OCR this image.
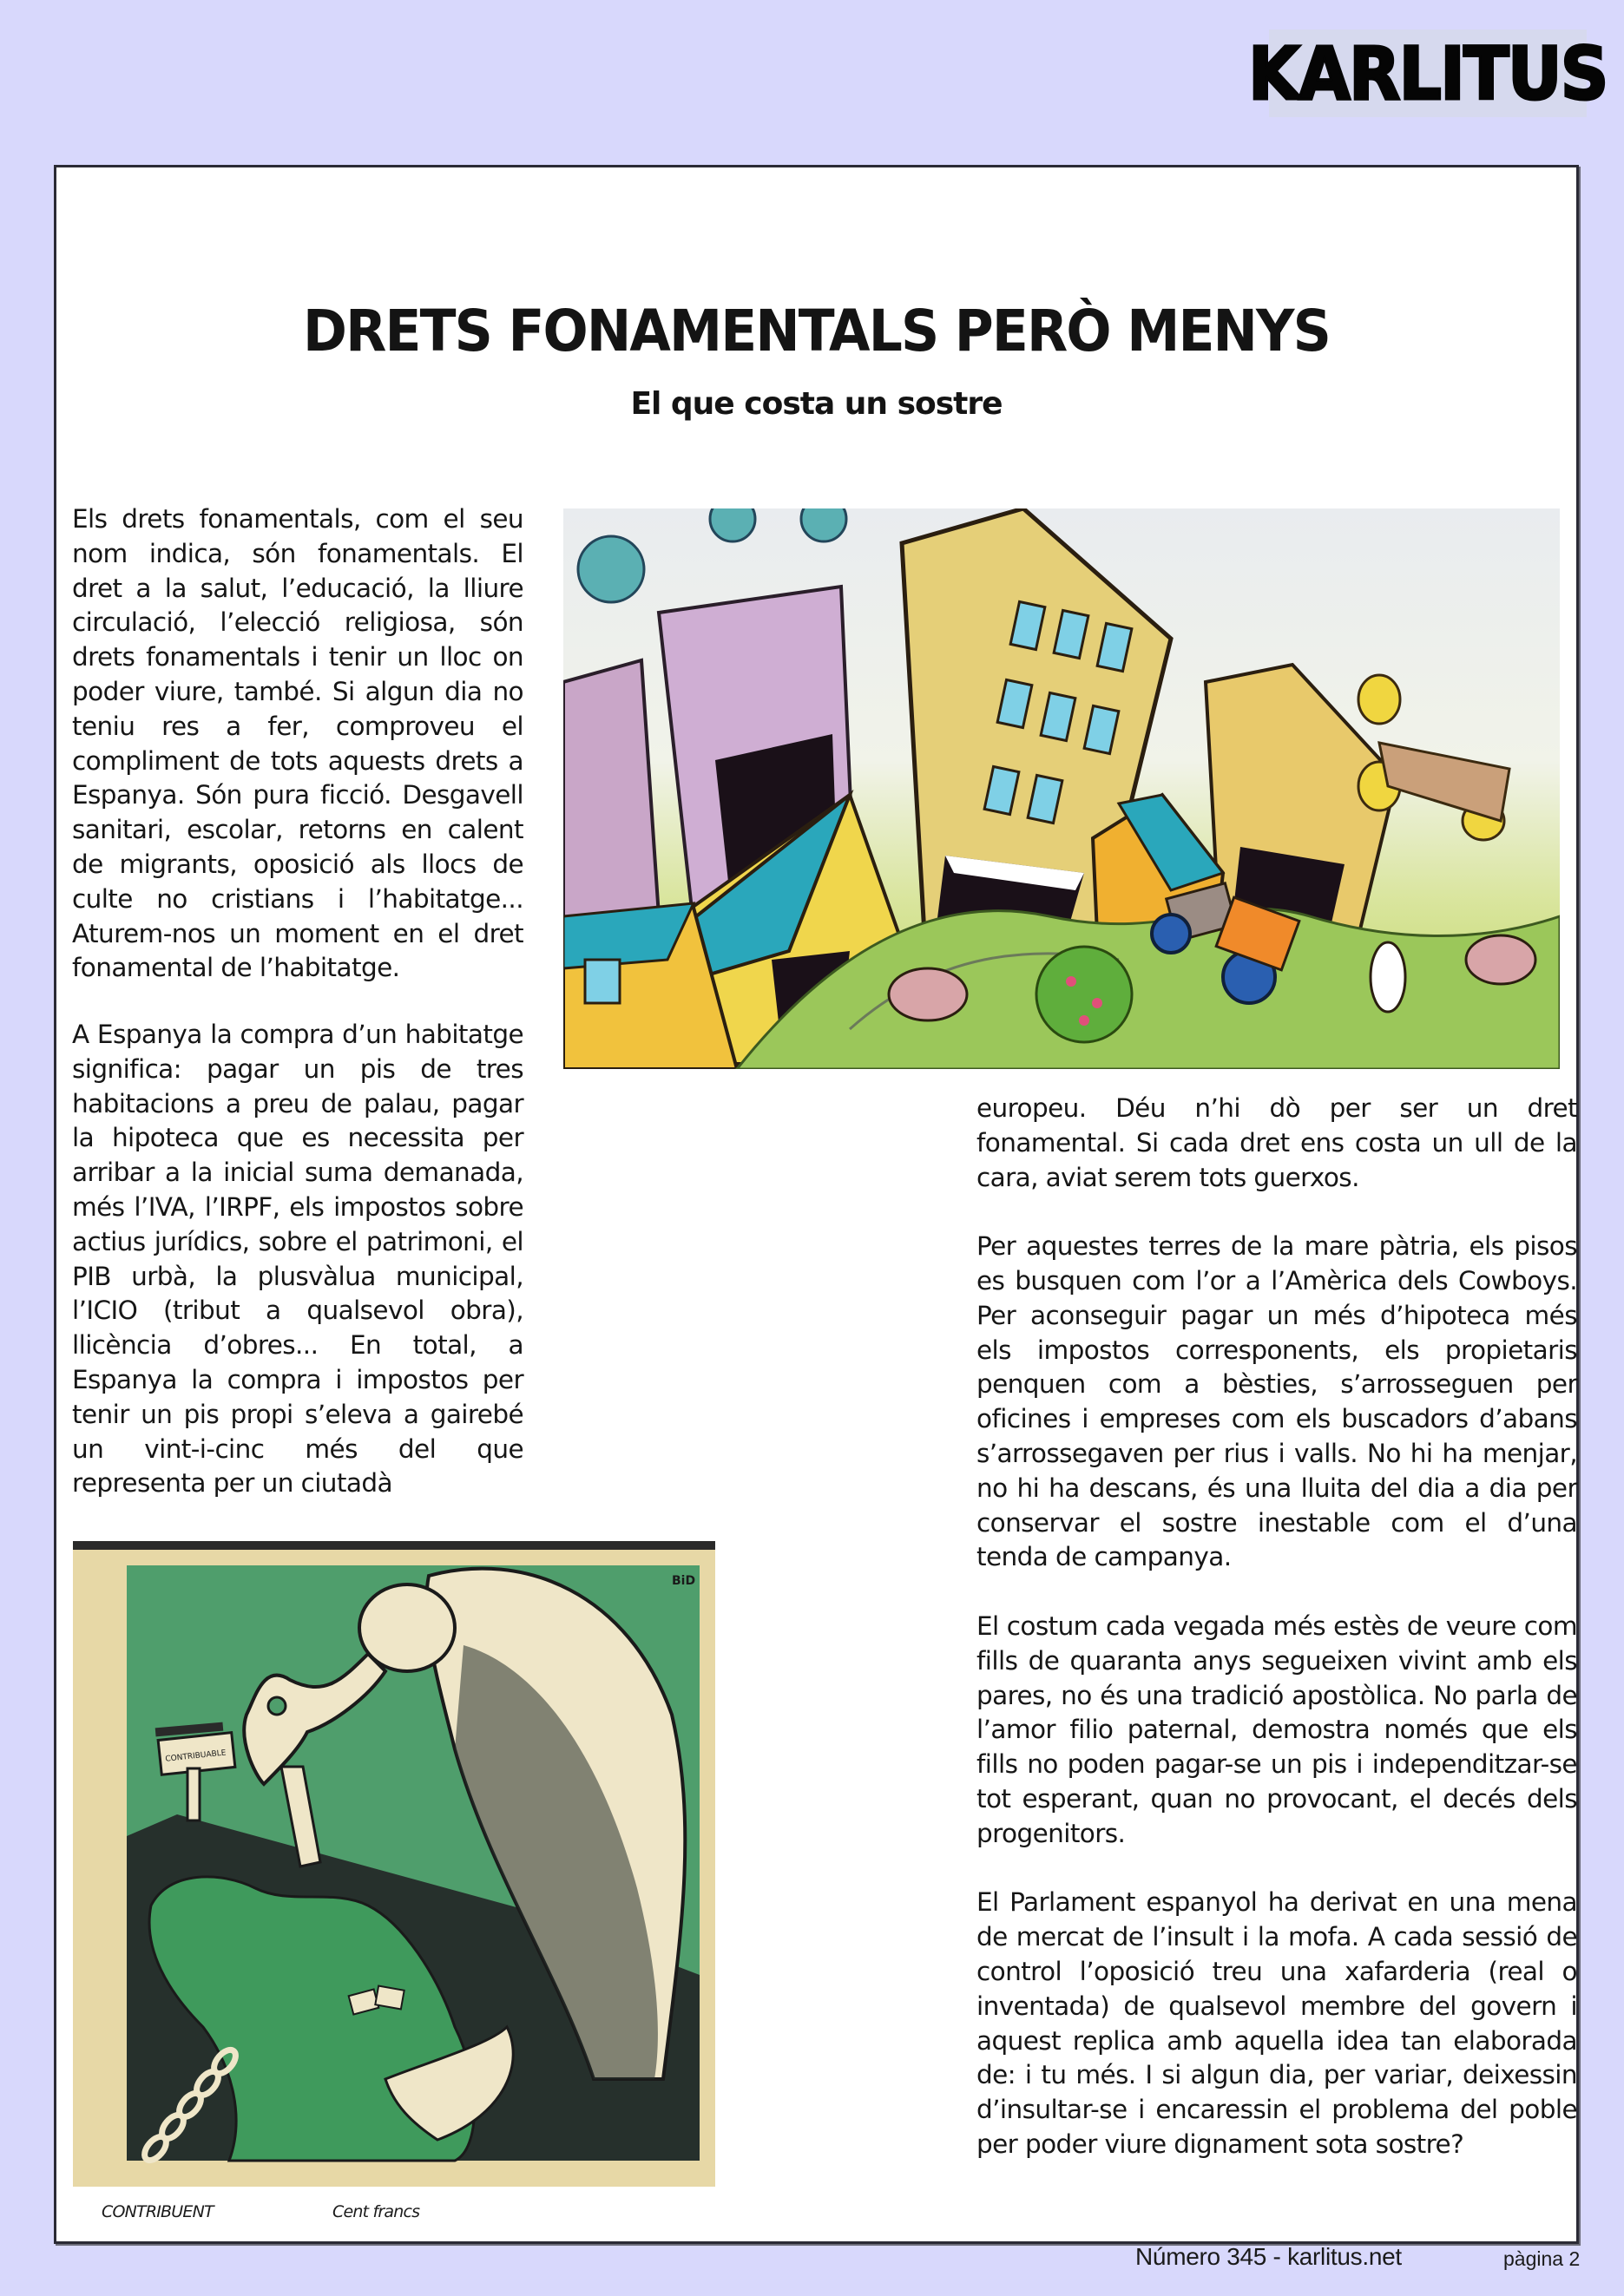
KARLITUS
DRETS FONAMENTALS PERÒ MENYS
El que costa un sostre

Els drets fonamentals, com el seu nom indica, són fonamentals. El dret a la salut, l’educació, la lliure circulació, l’elecció religiosa, són drets fonamentals i tenir un lloc on poder viure, també. Si algun dia no teniu res a fer, comproveu el compliment de tots aquests drets a Espanya. Són pura ficció. Desgavell sanitari, escolar, retorns en calent de migrants, oposició als llocs de culte no cristians i l’habitatge... Aturem-nos un moment en el dret fonamental de l’habitatge.

A Espanya la compra d’un habitatge significa: pagar un pis de tres habitacions a preu de palau, pagar la hipoteca que es necessita per arribar a la inicial suma demanada, més l’IVA, l’IRPF, els impostos sobre actius jurídics, sobre el patrimoni, el PIB urbà, la plusvàlua municipal, l’ICIO (tribut a qualsevol obra), llicència d’obres... En total, a Espanya la compra i impostos per tenir un pis propi s’eleva a gairebé un vint-i-cinc més del que representa per un ciutadà

europeu. Déu n’hi dò per ser un dret fonamental. Si cada dret ens costa un ull de la cara, aviat serem tots guerxos.

Per aquestes terres de la mare pàtria, els pisos es busquen com l’or a l’Amèrica dels Cowboys. Per aconseguir pagar un més d’hipoteca més els impostos corresponents, els propietaris penquen com a bèsties, s’arrosseguen per oficines i empreses com els buscadors d’abans s’arrossegaven per rius i valls. No hi ha menjar, no hi ha descans, és una lluita del dia a dia per conservar el sostre inestable com el d’una tenda de campanya.

El costum cada vegada més estès de veure com fills de quaranta anys segueixen vivint amb els pares, no és una tradició apostòlica. No parla de l’amor filio paternal, demostra només que els fills no poden pagar-se un pis i independitzar-se tot esperant, quan no provocant, el decés dels progenitors.

El Parlament espanyol ha derivat en una mena de mercat de l’insult i la mofa. A cada sessió de control l’oposició treu una xafarderia (real o inventada) de qualsevol membre del govern i aquest replica amb aquella idea tan elaborada de: i tu més. I si algun dia, per variar, deixessin d’insultar-se i encaressin el problema del poble per poder viure dignament sota sostre?

CONTRIBUABLE
BiD
CONTRIBUENT	Cent francs
Número 345 - karlitus.net	pàgina 2
